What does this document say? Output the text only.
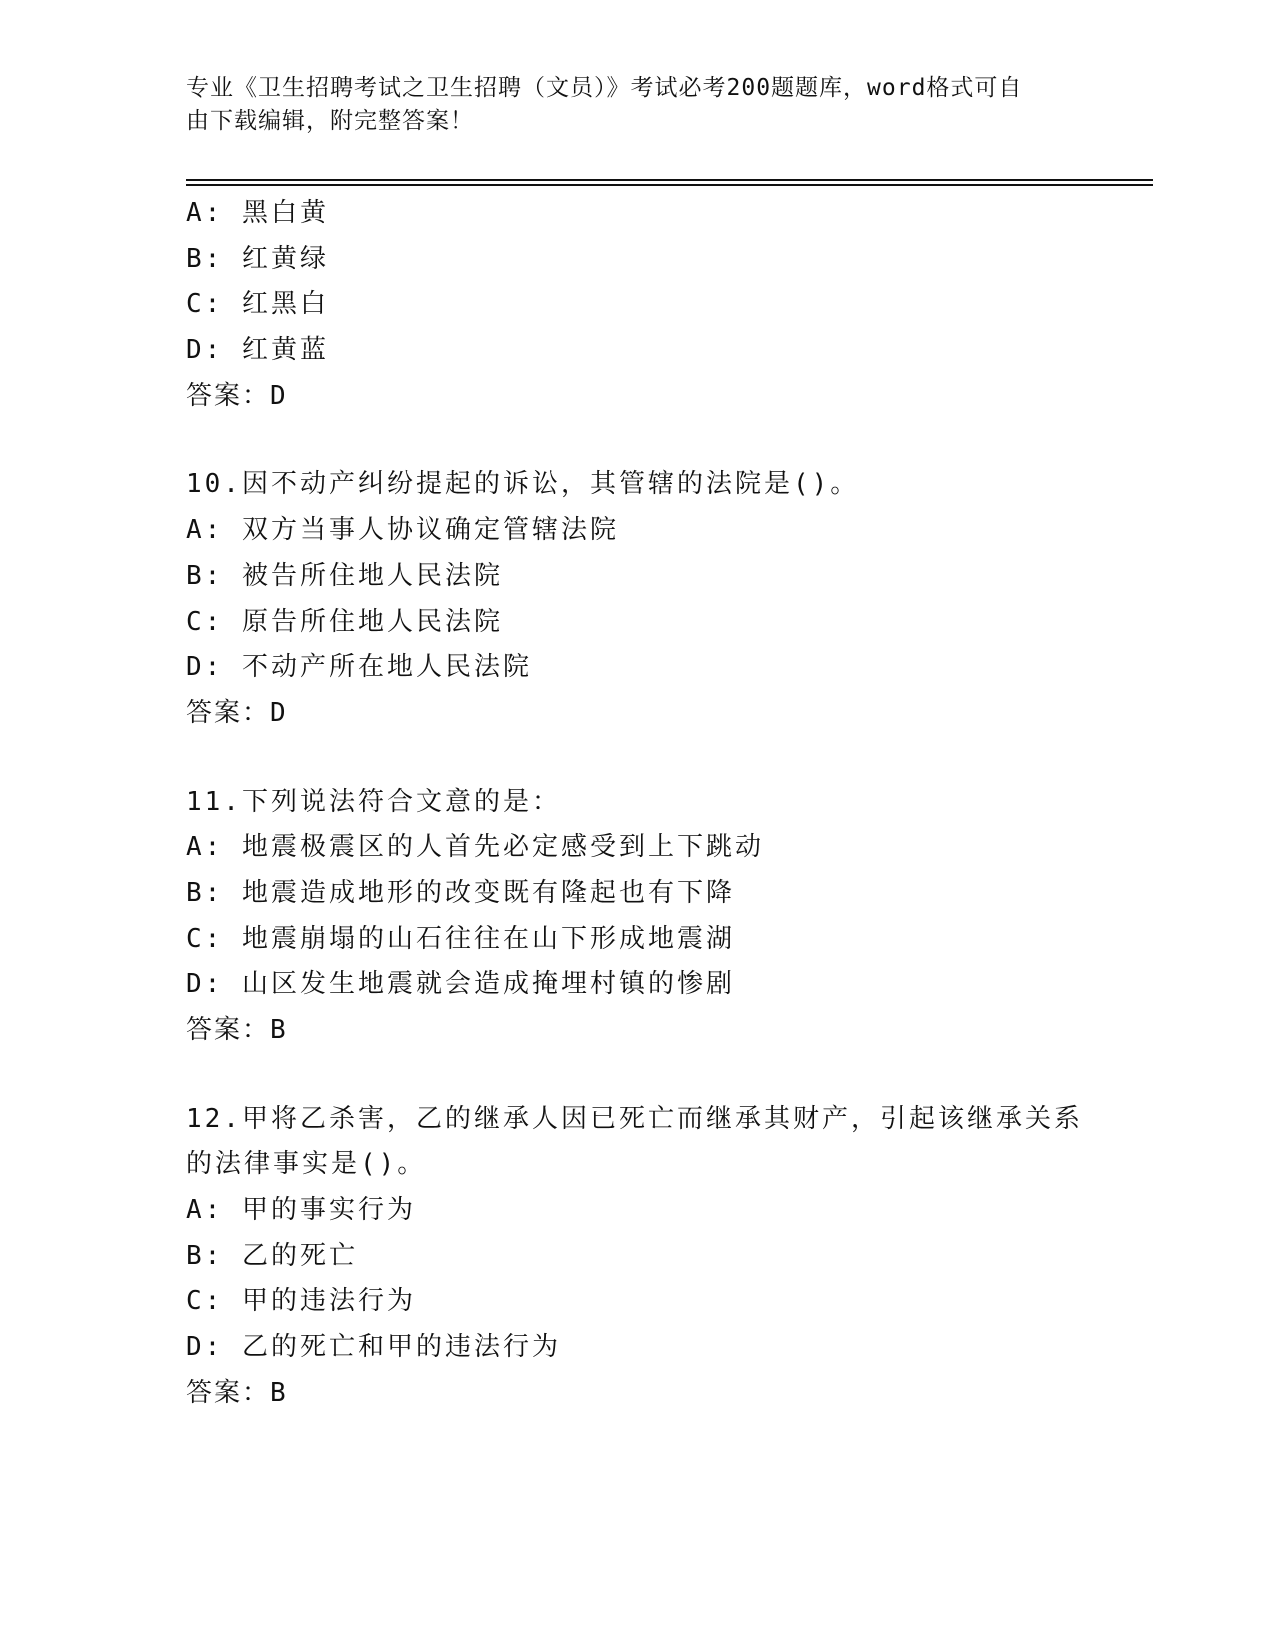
专业《卫生招聘考试之卫生招聘（文员）》考试必考200题题库，word格式可自
由下载编辑，附完整答案！
A: 黑白黄
B: 红黄绿
C: 红黑白
D: 红黄蓝
答案：D
10.因不动产纠纷提起的诉讼，其管辖的法院是()。
A: 双方当事人协议确定管辖法院
B: 被告所住地人民法院
C: 原告所住地人民法院
D: 不动产所在地人民法院
答案：D
11.下列说法符合文意的是：
A: 地震极震区的人首先必定感受到上下跳动
B: 地震造成地形的改变既有隆起也有下降
C: 地震崩塌的山石往往在山下形成地震湖
D: 山区发生地震就会造成掩埋村镇的惨剧
答案：B
12.甲将乙杀害，乙的继承人因已死亡而继承其财产，引起该继承关系
的法律事实是()。
A: 甲的事实行为
B: 乙的死亡
C: 甲的违法行为
D: 乙的死亡和甲的违法行为
答案：B
